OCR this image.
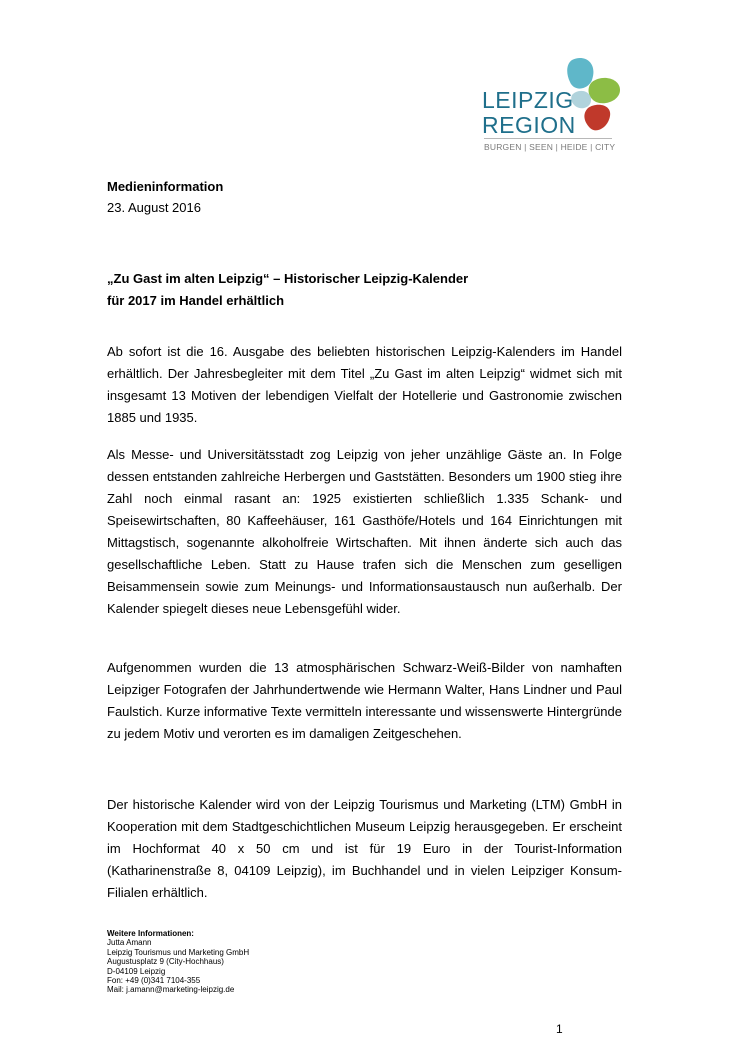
LEIPZIG
REGION
BURGEN | SEEN | HEIDE | CITY
Medieninformation
23. August 2016
„Zu Gast im alten Leipzig“ – Historischer Leipzig-Kalender
für 2017 im Handel erhältlich

Ab sofort ist die 16. Ausgabe des beliebten historischen Leipzig-Kalenders im Handel erhältlich. Der Jahresbegleiter mit dem Titel „Zu Gast im alten Leipzig“ widmet sich mit insgesamt 13 Motiven der lebendigen Vielfalt der Hotellerie und Gastronomie zwischen 1885 und 1935.

Als Messe- und Universitätsstadt zog Leipzig von jeher unzählige Gäste an. In Folge dessen entstanden zahlreiche Herbergen und Gaststätten. Besonders um 1900 stieg ihre Zahl noch einmal rasant an: 1925 existierten schließlich 1.335 Schank- und Speisewirtschaften, 80 Kaffeehäuser, 161 Gasthöfe/Hotels und 164 Einrichtungen mit Mittagstisch, sogenannte alkoholfreie Wirtschaften. Mit ihnen änderte sich auch das gesellschaftliche Leben. Statt zu Hause trafen sich die Menschen zum geselligen Beisammensein sowie zum Meinungs- und Informationsaustausch nun außerhalb. Der Kalender spiegelt dieses neue Lebensgefühl wider.

Aufgenommen wurden die 13 atmosphärischen Schwarz-Weiß-Bilder von namhaften Leipziger Fotografen der Jahrhundertwende wie Hermann Walter, Hans Lindner und Paul Faulstich. Kurze informative Texte vermitteln interessante und wissenswerte Hintergründe zu jedem Motiv und verorten es im damaligen Zeitgeschehen.

Der historische Kalender wird von der Leipzig Tourismus und Marketing (LTM) GmbH in Kooperation mit dem Stadtgeschichtlichen Museum Leipzig herausgegeben. Er erscheint im Hochformat 40 x 50 cm und ist für 19 Euro in der Tourist-Information (Katharinenstraße 8, 04109 Leipzig), im Buchhandel und in vielen Leipziger Konsum-Filialen erhältlich.

Weitere Informationen:
Jutta Amann
Leipzig Tourismus und Marketing GmbH
Augustusplatz 9 (City-Hochhaus)
D-04109 Leipzig
Fon: +49 (0)341 7104-355
Mail: j.amann@marketing-leipzig.de
1
